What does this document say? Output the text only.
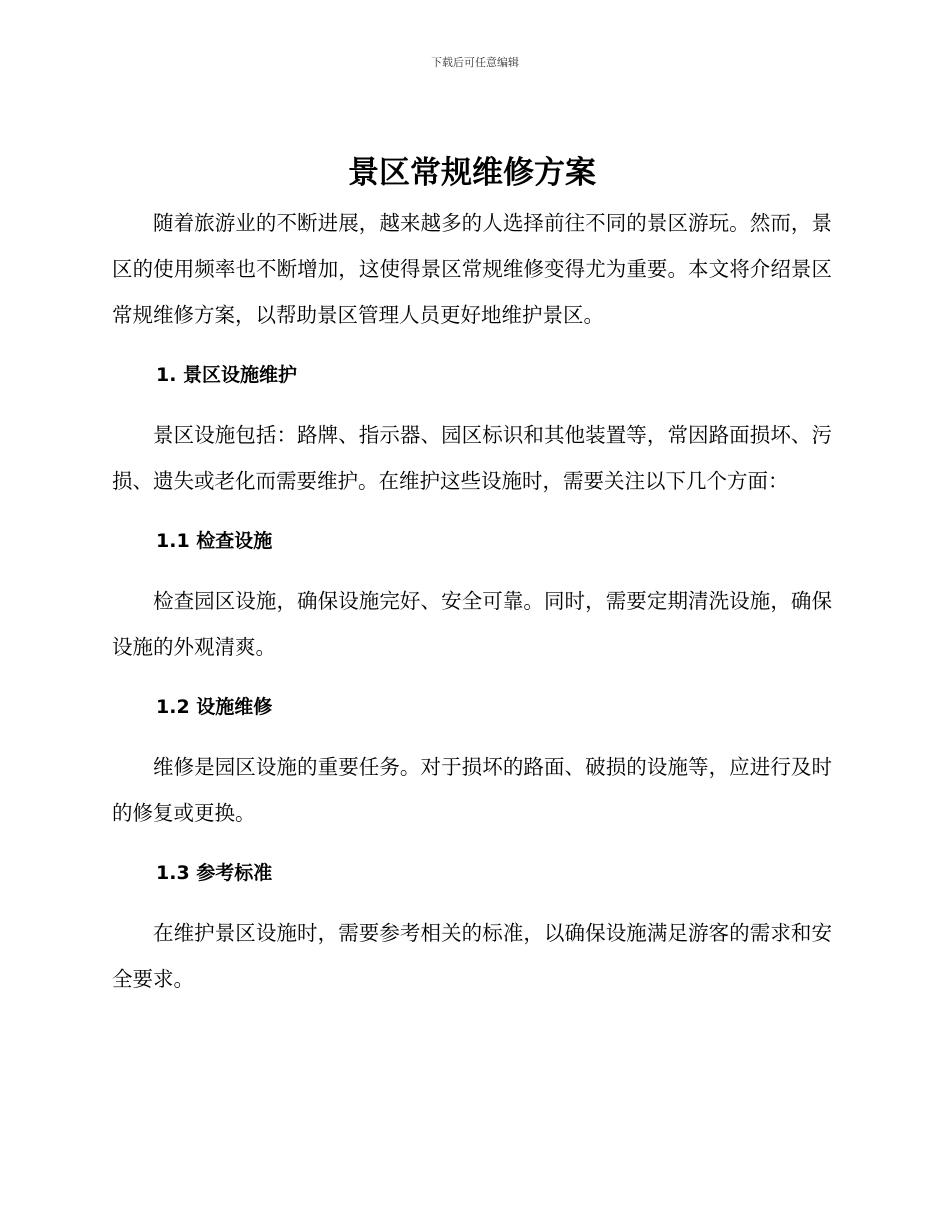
下载后可任意编辑
景区常规维修方案

随着旅游业的不断进展，越来越多的人选择前往不同的景区游玩。然而，景区的使用频率也不断增加，这使得景区常规维修变得尤为重要。本文将介绍景区常规维修方案，以帮助景区管理人员更好地维护景区。

1. 景区设施维护

景区设施包括：路牌、指示器、园区标识和其他装置等，常因路面损坏、污损、遗失或老化而需要维护。在维护这些设施时，需要关注以下几个方面：

1.1 检查设施

检查园区设施，确保设施完好、安全可靠。同时，需要定期清洗设施，确保设施的外观清爽。

1.2 设施维修

维修是园区设施的重要任务。对于损坏的路面、破损的设施等，应进行及时的修复或更换。

1.3 参考标准

在维护景区设施时，需要参考相关的标准，以确保设施满足游客的需求和安全要求。
